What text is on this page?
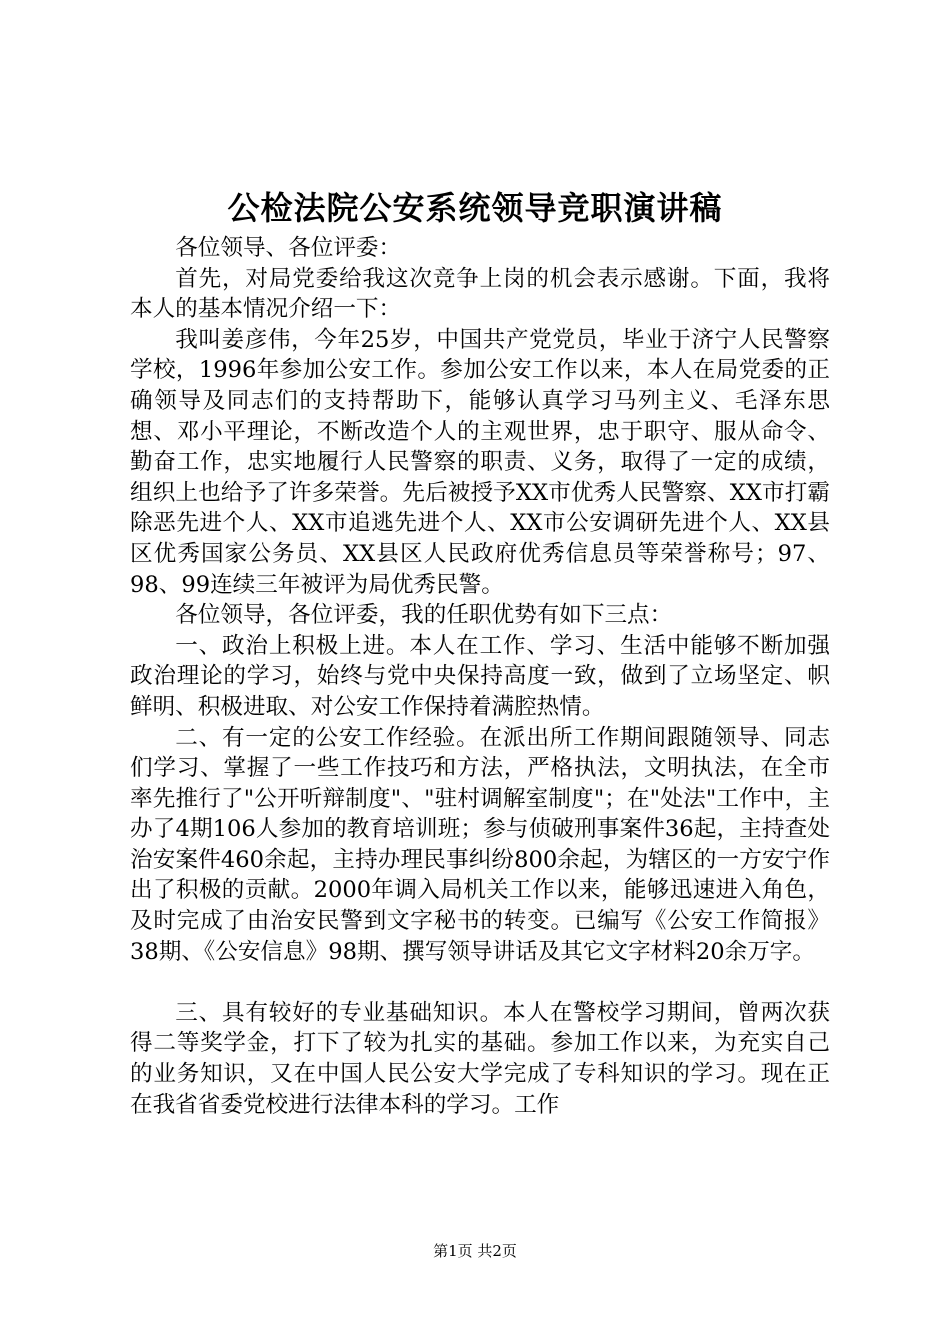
公检法院公安系统领导竞职演讲稿

各位领导、各位评委：

首先，对局党委给我这次竞争上岗的机会表示感谢。下面，我将本人的基本情况介绍一下：

我叫姜彦伟，今年25岁，中国共产党党员，毕业于济宁人民警察学校，1996年参加公安工作。参加公安工作以来，本人在局党委的正确领导及同志们的支持帮助下，能够认真学习马列主义、毛泽东思想、邓小平理论，不断改造个人的主观世界，忠于职守、服从命令、勤奋工作，忠实地履行人民警察的职责、义务，取得了一定的成绩，组织上也给予了许多荣誉。先后被授予XX市优秀人民警察、XX市打霸除恶先进个人、XX市追逃先进个人、XX市公安调研先进个人、XX县区优秀国家公务员、XX县区人民政府优秀信息员等荣誉称号；97、98、99连续三年被评为局优秀民警。

各位领导，各位评委，我的任职优势有如下三点：

一、政治上积极上进。本人在工作、学习、生活中能够不断加强政治理论的学习，始终与党中央保持高度一致，做到了立场坚定、帜鲜明、积极进取、对公安工作保持着满腔热情。

二、有一定的公安工作经验。在派出所工作期间跟随领导、同志们学习、掌握了一些工作技巧和方法，严格执法，文明执法，在全市率先推行了"公开听辩制度"、"驻村调解室制度"；在"处法"工作中，主办了4期106人参加的教育培训班；参与侦破刑事案件36起，主持查处治安案件460余起，主持办理民事纠纷800余起，为辖区的一方安宁作出了积极的贡献。2000年调入局机关工作以来，能够迅速进入角色，及时完成了由治安民警到文字秘书的转变。已编写《公安工作简报》38期、《公安信息》98期、撰写领导讲话及其它文字材料20余万字。

三、具有较好的专业基础知识。本人在警校学习期间，曾两次获得二等奖学金，打下了较为扎实的基础。参加工作以来，为充实自己的业务知识，又在中国人民公安大学完成了专科知识的学习。现在正在我省省委党校进行法律本科的学习。工作

第1页 共2页
